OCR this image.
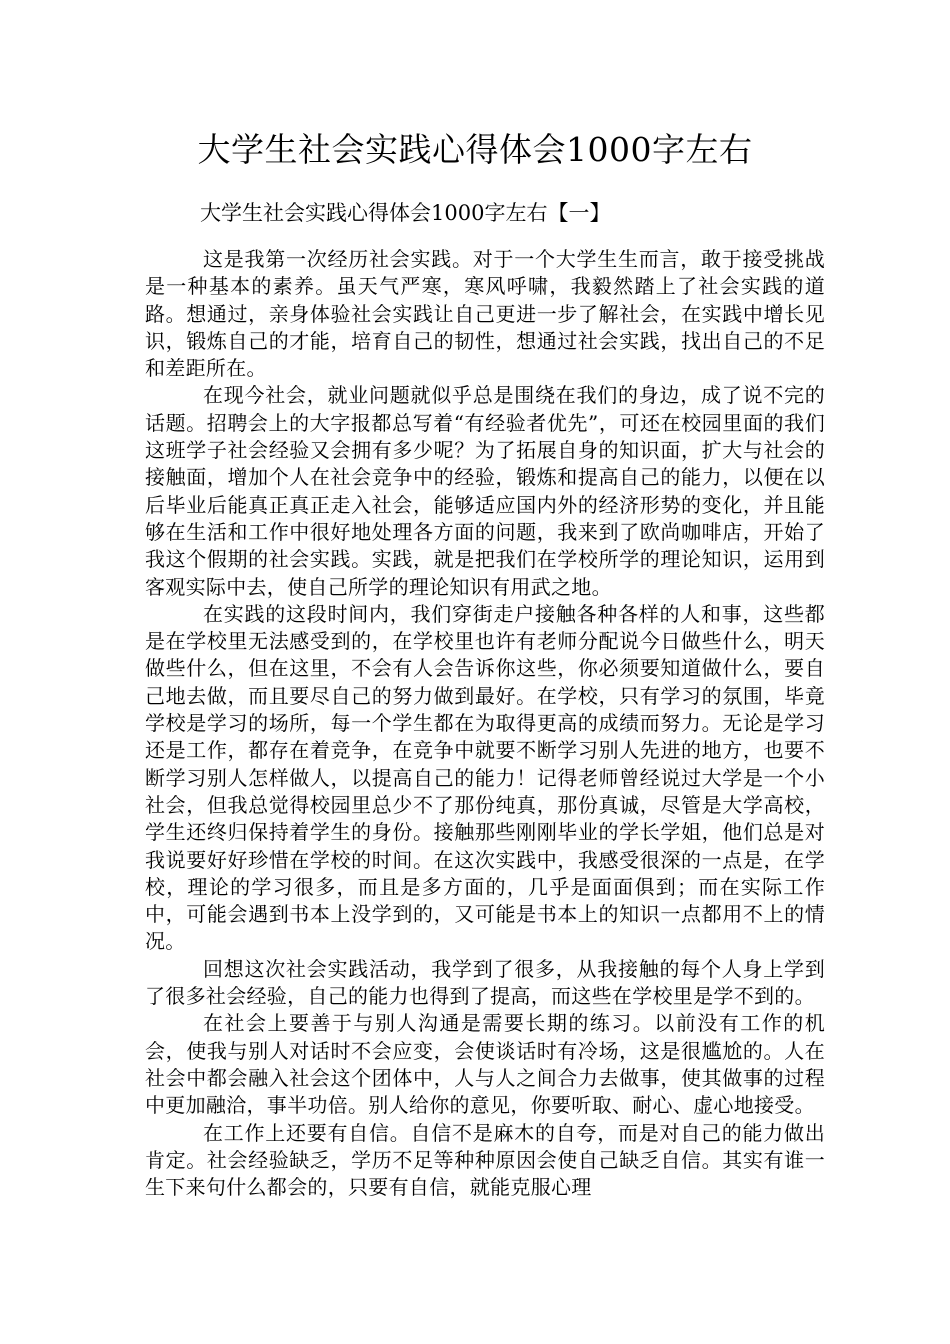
大学生社会实践心得体会1000字左右
大学生社会实践心得体会1000字左右【一】

这是我第一次经历社会实践。对于一个大学生生而言，敢于接受挑战是一种基本的素养。虽天气严寒，寒风呼啸，我毅然踏上了社会实践的道路。想通过，亲身体验社会实践让自己更进一步了解社会，在实践中增长见识，锻炼自己的才能，培育自己的韧性，想通过社会实践，找出自己的不足和差距所在。

在现今社会，就业问题就似乎总是围绕在我们的身边，成了说不完的话题。招聘会上的大字报都总写着“有经验者优先”，可还在校园里面的我们这班学子社会经验又会拥有多少呢？为了拓展自身的知识面，扩大与社会的接触面，增加个人在社会竞争中的经验，锻炼和提高自己的能力，以便在以后毕业后能真正真正走入社会，能够适应国内外的经济形势的变化，并且能够在生活和工作中很好地处理各方面的问题，我来到了欧尚咖啡店，开始了我这个假期的社会实践。实践，就是把我们在学校所学的理论知识，运用到客观实际中去，使自己所学的理论知识有用武之地。

在实践的这段时间内，我们穿街走户接触各种各样的人和事，这些都是在学校里无法感受到的，在学校里也许有老师分配说今日做些什么，明天做些什么，但在这里，不会有人会告诉你这些，你必须要知道做什么，要自己地去做，而且要尽自己的努力做到最好。在学校，只有学习的氛围，毕竟学校是学习的场所，每一个学生都在为取得更高的成绩而努力。无论是学习还是工作，都存在着竞争，在竞争中就要不断学习别人先进的地方，也要不断学习别人怎样做人，以提高自己的能力！记得老师曾经说过大学是一个小社会，但我总觉得校园里总少不了那份纯真，那份真诚，尽管是大学高校，学生还终归保持着学生的身份。接触那些刚刚毕业的学长学姐，他们总是对我说要好好珍惜在学校的时间。在这次实践中，我感受很深的一点是，在学校，理论的学习很多，而且是多方面的，几乎是面面俱到；而在实际工作中，可能会遇到书本上没学到的，又可能是书本上的知识一点都用不上的情况。

回想这次社会实践活动，我学到了很多，从我接触的每个人身上学到了很多社会经验，自己的能力也得到了提高，而这些在学校里是学不到的。

在社会上要善于与别人沟通是需要长期的练习。以前没有工作的机会，使我与别人对话时不会应变，会使谈话时有冷场，这是很尴尬的。人在社会中都会融入社会这个团体中，人与人之间合力去做事，使其做事的过程中更加融洽，事半功倍。别人给你的意见，你要听取、耐心、虚心地接受。

在工作上还要有自信。自信不是麻木的自夸，而是对自己的能力做出肯定。社会经验缺乏，学历不足等种种原因会使自己缺乏自信。其实有谁一生下来句什么都会的，只要有自信，就能克服心理
